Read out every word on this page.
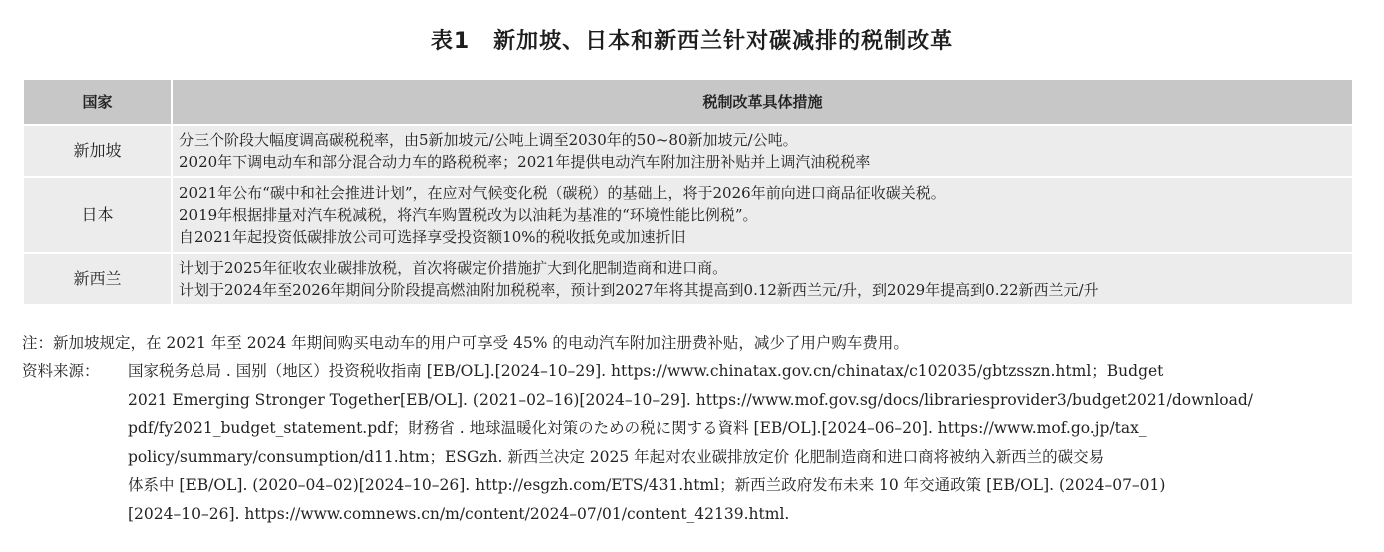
表1　新加坡、日本和新西兰针对碳减排的税制改革
国家	税制改革具体措施
新加坡	分三个阶段大幅度调高碳税税率，由5新加坡元/公吨上调至2030年的50~80新加坡元/公吨。
2020年下调电动车和部分混合动力车的路税税率；2021年提供电动汽车附加注册补贴并上调汽油税税率

日本	2021年公布“碳中和社会推进计划”，在应对气候变化税（碳税）的基础上，将于2026年前向进口商品征收碳关税。
2019年根据排量对汽车税减税，将汽车购置税改为以油耗为基准的“环境性能比例税”。
自2021年起投资低碳排放公司可选择享受投资额10%的税收抵免或加速折旧

新西兰	计划于2025年征收农业碳排放税，首次将碳定价措施扩大到化肥制造商和进口商。
计划于2024年至2026年期间分阶段提高燃油附加税税率，预计到2027年将其提高到0.12新西兰元/升，到2029年提高到0.22新西兰元/升
注：新加坡规定，在 2021 年至 2024 年期间购买电动车的用户可享受 45% 的电动汽车附加注册费补贴，减少了用户购车费用。
资料来源：	国家税务总局 . 国别（地区）投资税收指南 [EB/OL].[2024–10–29]. https://www.chinatax.gov.cn/chinatax/c102035/gbtzsszn.html；Budget
2021 Emerging Stronger Together[EB/OL]. (2021–02–16)[2024–10–29]. https://www.mof.gov.sg/docs/librariesprovider3/budget2021/download/
pdf/fy2021_budget_statement.pdf；財務省 . 地球温暖化対策のための税に関する資料 [EB/OL].[2024–06–20]. https://www.mof.go.jp/tax_
policy/summary/consumption/d11.htm；ESGzh. 新西兰决定 2025 年起对农业碳排放定价 化肥制造商和进口商将被纳入新西兰的碳交易
体系中 [EB/OL]. (2020–04–02)[2024–10–26]. http://esgzh.com/ETS/431.html；新西兰政府发布未来 10 年交通政策 [EB/OL]. (2024–07–01)
[2024–10–26]. https://www.comnews.cn/m/content/2024–07/01/content_42139.html.
